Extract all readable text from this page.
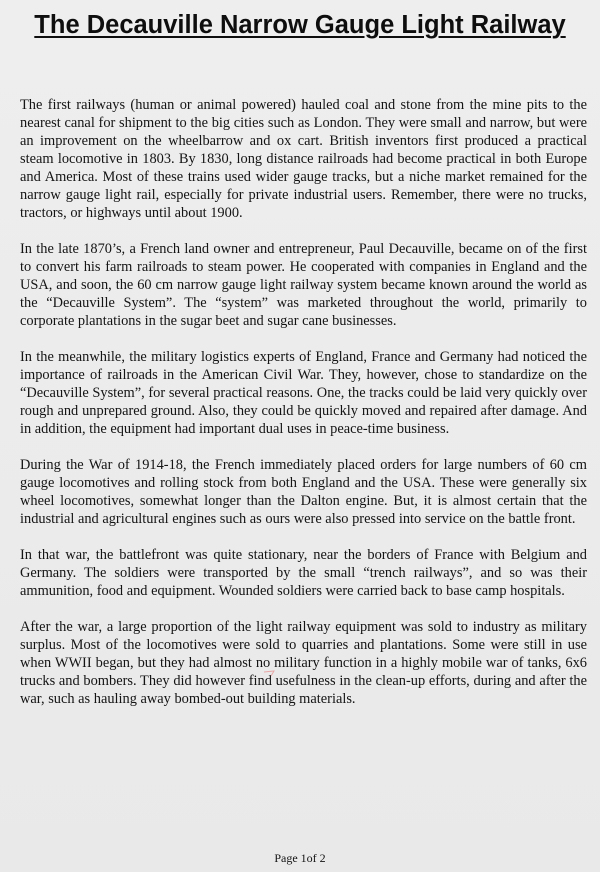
The Decauville Narrow Gauge Light Railway

The first railways (human or animal powered) hauled coal and stone from the mine pits to the nearest canal for shipment to the big cities such as London. They were small and narrow, but were an improvement on the wheelbarrow and ox cart. British inventors first produced a practical steam locomotive in 1803. By 1830, long distance railroads had become practical in both Europe and America. Most of these trains used wider gauge tracks, but a niche market remained for the narrow gauge light rail, especially for private industrial users. Remember, there were no trucks, tractors, or highways until about 1900.

In the late 1870’s, a French land owner and entrepreneur, Paul Decauville, became on of the first to convert his farm railroads to steam power. He cooperated with companies in England and the USA, and soon, the 60 cm narrow gauge light railway system became known around the world as the “Decauville System”. The “system” was marketed throughout the world, primarily to corporate plantations in the sugar beet and sugar cane businesses.

In the meanwhile, the military logistics experts of England, France and Germany had noticed the importance of railroads in the American Civil War. They, however, chose to standardize on the “Decauville System”, for several practical reasons. One, the tracks could be laid very quickly over rough and unprepared ground. Also, they could be quickly moved and repaired after damage. And in addition, the equipment had important dual uses in peace-time business.

During the War of 1914-18, the French immediately placed orders for large numbers of 60 cm gauge locomotives and rolling stock from both England and the USA. These were generally six wheel locomotives, somewhat longer than the Dalton engine. But, it is almost certain that the industrial and agricultural engines such as ours were also pressed into service on the battle front.

In that war, the battlefront was quite stationary, near the borders of France with Belgium and Germany. The soldiers were transported by the small “trench railways”, and so was their ammunition, food and equipment. Wounded soldiers were carried back to base camp hospitals.

After the war, a large proportion of the light railway equipment was sold to industry as military surplus. Most of the locomotives were sold to quarries and plantations. Some were still in use when WWII began, but they had almost no military function in a highly mobile war of tanks, 6x6 trucks and bombers. They did however find usefulness in the clean-up efforts, during and after the war, such as hauling away bombed-out building materials.

Page 1of 2
